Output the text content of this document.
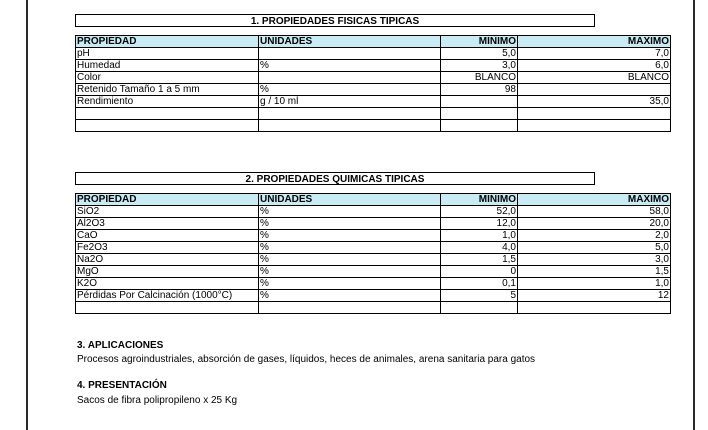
1. PROPIEDADES FISICAS TIPICAS
PROPIEDAD	UNIDADES	MINIMO	MAXIMO
pH		5,0	7,0
Humedad	%	3,0	6,0
Color		BLANCO	BLANCO
Retenido Tamaño 1 a 5 mm	%	98	
Rendimiento	g / 10 ml		35,0

2. PROPIEDADES QUIMICAS TIPICAS
PROPIEDAD	UNIDADES	MINIMO	MAXIMO
SiO2	%	52,0	58,0
Al2O3	%	12,0	20,0
CaO	%	1,0	2,0
Fe2O3	%	4,0	5,0
Na2O	%	1,5	3,0
MgO	%	0	1,5
K2O	%	0,1	1,0
Pérdidas Por Calcinación (1000°C)	%	5	12

3. APLICACIONES
Procesos agroindustriales, absorción de gases, líquidos, heces de animales, arena sanitaria para gatos
4. PRESENTACIÓN
Sacos de fibra polipropileno x 25 Kg
